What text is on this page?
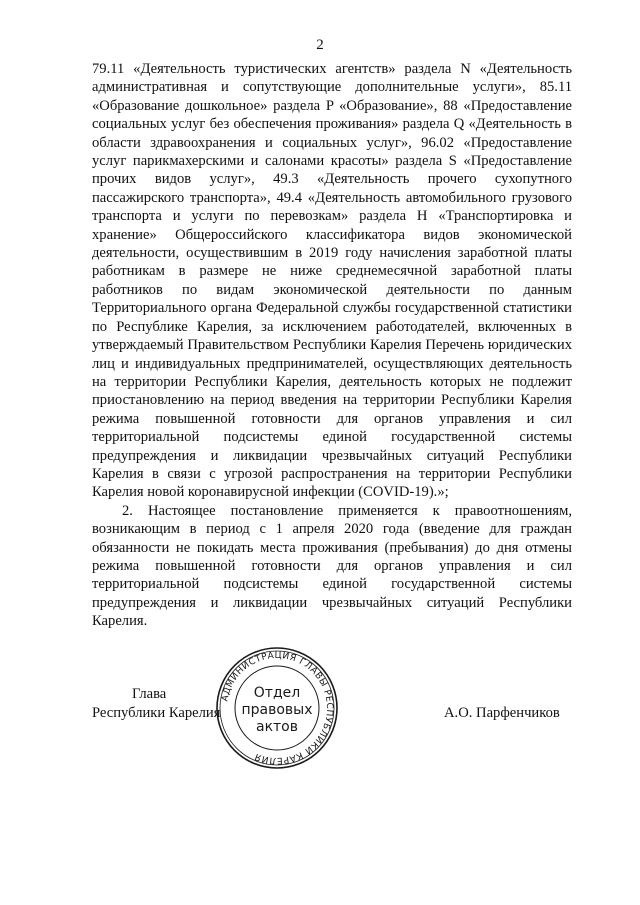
2

79.11 «Деятельность туристических агентств» раздела N «Деятельность административная и сопутствующие дополнительные услуги», 85.11 «Образование дошкольное» раздела P «Образование», 88 «Предоставление социальных услуг без обеспечения проживания» раздела Q «Деятельность в области здравоохранения и социальных услуг», 96.02 «Предоставление услуг парикмахерскими и салонами красоты» раздела S «Предоставление прочих видов услуг», 49.3 «Деятельность прочего сухопутного пассажирского транспорта», 49.4 «Деятельность автомобильного грузового транспорта и услуги по перевозкам» раздела H «Транспортировка и хранение» Общероссийского классификатора видов экономической деятельности, осуществившим в 2019 году начисления заработной платы работникам в размере не ниже среднемесячной заработной платы работников по видам экономической деятельности по данным Территориального органа Федеральной службы государственной статистики по Республике Карелия, за исключением работодателей, включенных в утверждаемый Правительством Республики Карелия Перечень юридических лиц и индивидуальных предпринимателей, осуществляющих деятельность на территории Республики Карелия, деятельность которых не подлежит приостановлению на период введения на территории Республики Карелия режима повышенной готовности для органов управления и сил территориальной подсистемы единой государственной системы предупреждения и ликвидации чрезвычайных ситуаций Республики Карелия в связи с угрозой распространения на территории Республики Карелия новой коронавирусной инфекции (COVID-19).»;

2. Настоящее постановление применяется к правоотношениям, возникающим в период с 1 апреля 2020 года (введение для граждан обязанности не покидать места проживания (пребывания) до дня отмены режима повышенной готовности для органов управления и сил территориальной подсистемы единой государственной системы предупреждения и ликвидации чрезвычайных ситуаций Республики Карелия.

Глава
Республики Карелия	А.О. Парфенчиков
АДМИНИСТРАЦИЯ ГЛАВЫ РЕСПУБЛИКИ КАРЕЛИЯ
Отдел
правовых
актов
